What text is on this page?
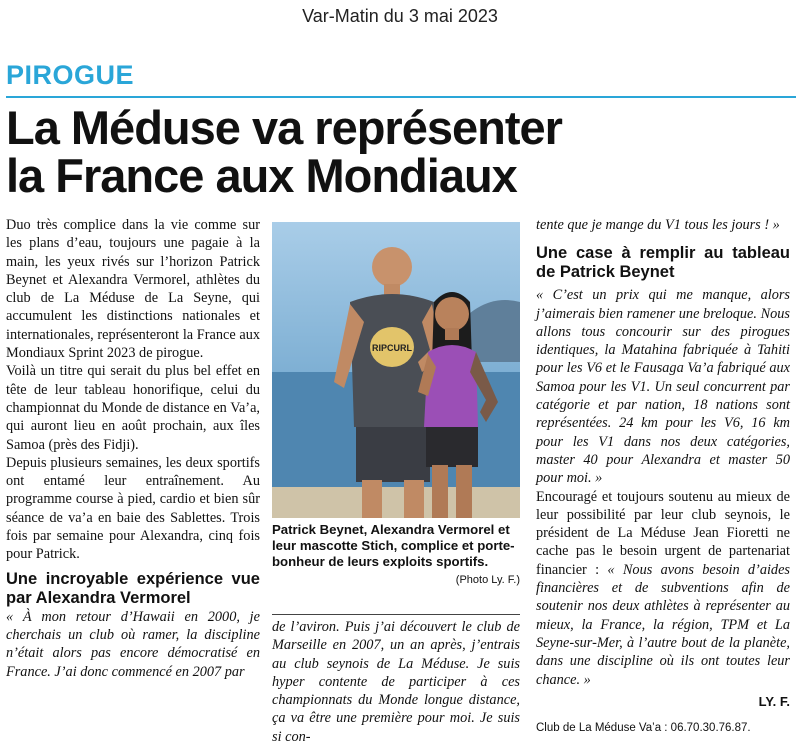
Var-Matin du 3 mai 2023
PIROGUE
La Méduse va représenter
la France aux Mondiaux

Duo très complice dans la vie comme sur les plans d’eau, toujours une pagaie à la main, les yeux rivés sur l’horizon Patrick Beynet et Alexandra Vermorel, athlètes du club de La Méduse de La Seyne, qui accumulent les distinctions nationales et internationales, représenteront la France aux Mondiaux Sprint 2023 de pirogue.

Voilà un titre qui serait du plus bel effet en tête de leur tableau honorifique, celui du championnat du Monde de distance en Va’a, qui auront lieu en août prochain, aux îles Samoa (près des Fidji).

Depuis plusieurs semaines, les deux sportifs ont entamé leur entraînement. Au programme course à pied, cardio et bien sûr séance de va’a en baie des Sablettes. Trois fois par semaine pour Alexandra, cinq fois pour Patrick.

Une incroyable expérience vue par Alexandra Vermorel

« À mon retour d’Hawaii en 2000, je cherchais un club où ramer, la discipline n’était alors pas encore démocratisé en France. J’ai donc commencé en 2007 par

RIPCURL
Patrick Beynet, Alexandra Vermorel et leur mascotte Stich, complice et porte-bonheur de leurs exploits sportifs.
(Photo Ly. F.)

de l’aviron. Puis j’ai découvert le club de Marseille en 2007, un an après, j’entrais au club seynois de La Méduse. Je suis hyper contente de participer à ces championnats du Monde longue distance, ça va être une première pour moi. Je suis si con-

tente que je mange du V1 tous les jours ! »

Une case à remplir au tableau de Patrick Beynet

« C’est un prix qui me manque, alors j’aimerais bien ramener une breloque. Nous allons tous concourir sur des pirogues identiques, la Matahina fabriquée à Tahiti pour les V6 et le Fausaga Va’a fabriqué aux Samoa pour les V1. Un seul concurrent par catégorie et par nation, 18 nations sont représentées. 24 km pour les V6, 16 km pour les V1 dans nos deux catégories, master 40 pour Alexandra et master 50 pour moi. »

Encouragé et toujours soutenu au mieux de leur possibilité par leur club seynois, le président de La Méduse Jean Fioretti ne cache pas le besoin urgent de partenariat financier : « Nous avons besoin d’aides financières et de subventions afin de soutenir nos deux athlètes à représenter au mieux, la France, la région, TPM et La Seyne-sur-Mer, à l’autre bout de la planète, dans une discipline où ils ont toutes leur chance. »

LY. F.

Club de La Méduse Va’a : 06.70.30.76.87.
